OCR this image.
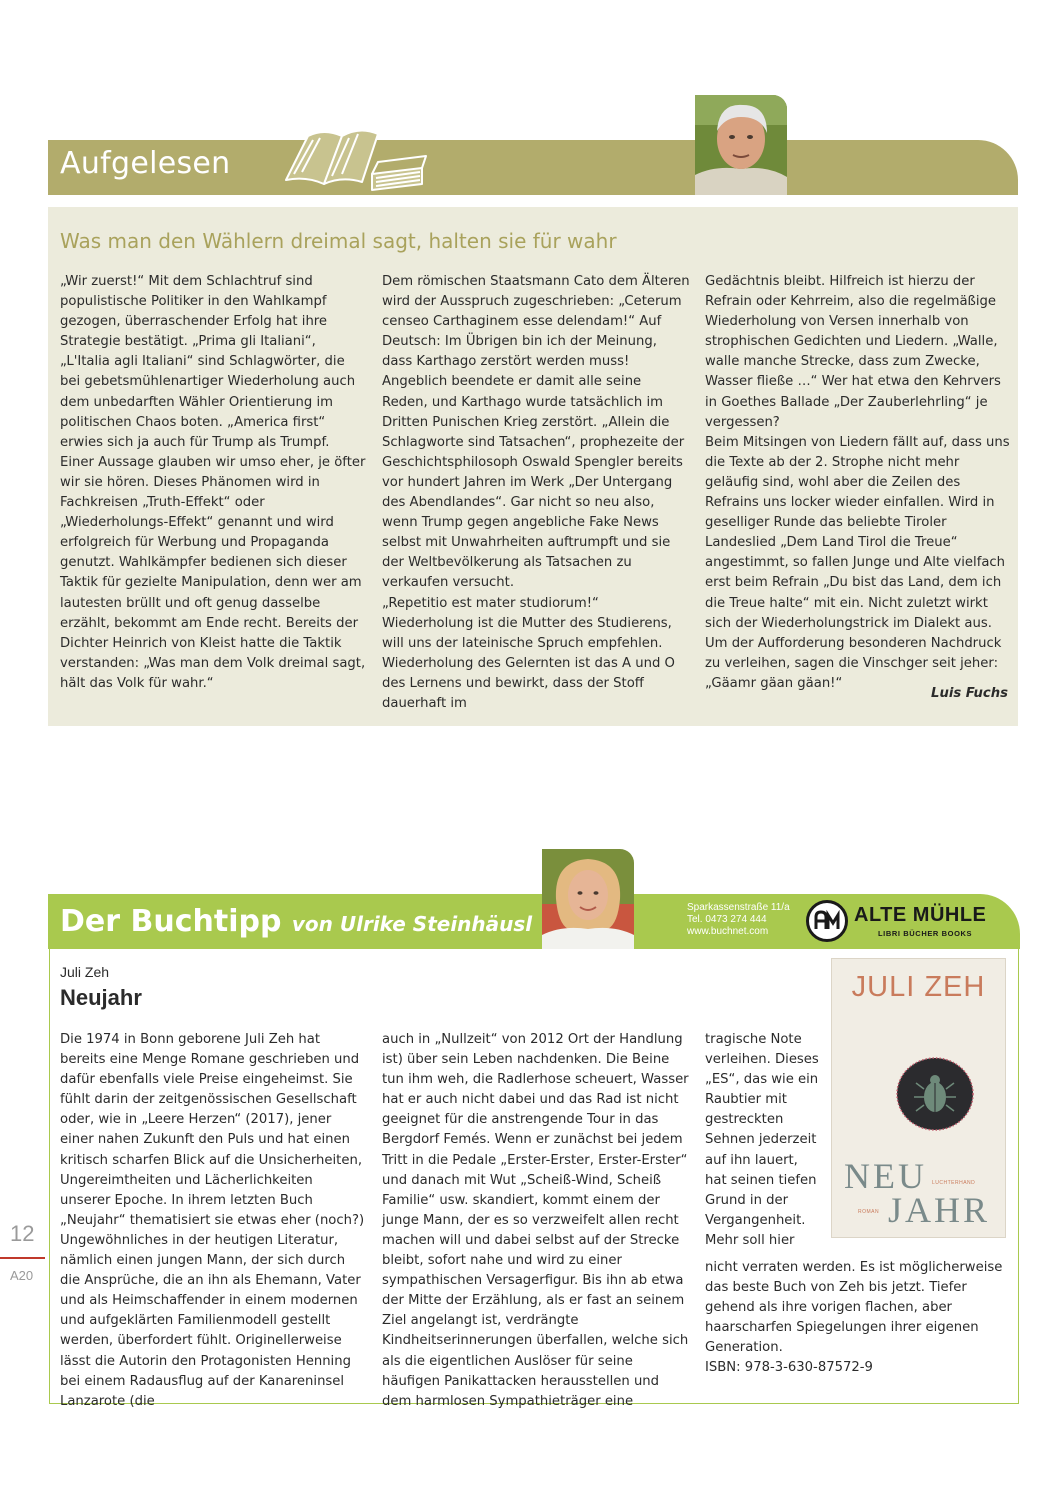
Aufgelesen
Was man den Wählern dreimal sagt, halten sie für wahr

„Wir zuerst!“ Mit dem Schlachtruf sind populistische Politiker in den Wahlkampf gezogen, überraschender Erfolg hat ihre Strategie bestätigt. „Prima gli Italiani“, „L'Italia agli Italiani“ sind Schlagwörter, die bei gebetsmühlenartiger Wiederholung auch dem unbedarften Wähler Orientierung im politischen Chaos boten. „America first“ erwies sich ja auch für Trump als Trumpf.

Einer Aussage glauben wir umso eher, je öfter wir sie hören. Dieses Phänomen wird in Fachkreisen „Truth-Effekt“ oder „Wiederholungs-Effekt“ genannt und wird erfolgreich für Werbung und Propaganda genutzt. Wahlkämpfer bedienen sich dieser Taktik für gezielte Manipulation, denn wer am lautesten brüllt und oft genug dasselbe erzählt, bekommt am Ende recht. Bereits der Dichter Heinrich von Kleist hatte die Taktik verstanden: „Was man dem Volk dreimal sagt, hält das Volk für wahr.“

Dem römischen Staatsmann Cato dem Älteren wird der Ausspruch zugeschrieben: „Ceterum censeo Carthaginem esse delendam!“ Auf Deutsch: Im Übrigen bin ich der Meinung, dass Karthago zerstört werden muss! Angeblich beendete er damit alle seine Reden, und Karthago wurde tatsächlich im Dritten Punischen Krieg zerstört. „Allein die Schlagworte sind Tatsachen“, prophezeite der Geschichtsphilosoph Oswald Spengler bereits vor hundert Jahren im Werk „Der Untergang des Abendlandes“. Gar nicht so neu also, wenn Trump gegen angebliche Fake News selbst mit Unwahrheiten auftrumpft und sie der Weltbevölkerung als Tatsachen zu verkaufen versucht.

„Repetitio est mater studiorum!“ Wiederholung ist die Mutter des Studierens, will uns der lateinische Spruch empfehlen. Wiederholung des Gelernten ist das A und O des Lernens und bewirkt, dass der Stoff dauerhaft im

Gedächtnis bleibt. Hilfreich ist hierzu der Refrain oder Kehrreim, also die regelmäßige Wiederholung von Versen innerhalb von strophischen Gedichten und Liedern. „Walle, walle manche Strecke, dass zum Zwecke, Wasser fließe …“ Wer hat etwa den Kehrvers in Goethes Ballade „Der Zauberlehrling“ je vergessen?

Beim Mitsingen von Liedern fällt auf, dass uns die Texte ab der 2. Strophe nicht mehr geläufig sind, wohl aber die Zeilen des Refrains uns locker wieder einfallen. Wird in geselliger Runde das beliebte Tiroler Landeslied „Dem Land Tirol die Treue“ angestimmt, so fallen Junge und Alte vielfach erst beim Refrain „Du bist das Land, dem ich die Treue halte“ mit ein. Nicht zuletzt wirkt sich der Wiederholungstrick im Dialekt aus. Um der Aufforderung besonderen Nachdruck zu verleihen, sagen die Vinschger seit jeher: „Gäamr gäan gäan!“

Luis Fuchs
Der Buchtipp von Ulrike Steinhäusl
Sparkassenstraße 11/a
Tel. 0473 274 444
www.buchnet.com
ALTE MÜHLE
LIBRI BÜCHER BOOKS
Juli Zeh
Neujahr

Die 1974 in Bonn geborene Juli Zeh hat bereits eine Menge Romane geschrieben und dafür ebenfalls viele Preise eingeheimst. Sie fühlt darin der zeitgenössischen Gesellschaft oder, wie in „Leere Herzen“ (2017), jener einer nahen Zukunft den Puls und hat einen kritisch scharfen Blick auf die Unsicherheiten, Ungereimtheiten und Lächerlichkeiten unserer Epoche. In ihrem letzten Buch „Neujahr“ thematisiert sie etwas eher (noch?) Ungewöhnliches in der heutigen Literatur, nämlich einen jungen Mann, der sich durch die Ansprüche, die an ihn als Ehemann, Vater und als Heimschaffender in einem modernen und aufgeklärten Familienmodell gestellt werden, überfordert fühlt. Originellerweise lässt die Autorin den Protagonisten Henning bei einem Radausflug auf der Kanareninsel Lanzarote (die

auch in „Nullzeit“ von 2012 Ort der Handlung ist) über sein Leben nachdenken. Die Beine tun ihm weh, die Radlerhose scheuert, Wasser hat er auch nicht dabei und das Rad ist nicht geeignet für die anstrengende Tour in das Bergdorf Femés. Wenn er zunächst bei jedem Tritt in die Pedale „Erster-Erster, Erster-Erster“ und danach mit Wut „Scheiß-Wind, Scheiß Familie“ usw. skandiert, kommt einem der junge Mann, der es so verzweifelt allen recht machen will und dabei selbst auf der Strecke bleibt, sofort nahe und wird zu einer sympathischen Versagerfigur. Bis ihn ab etwa der Mitte der Erzählung, als er fast an seinem Ziel angelangt ist, verdrängte Kindheitserinnerungen überfallen, welche sich als die eigentlichen Auslöser für seine häufigen Panikattacken herausstellen und dem harmlosen Sympathieträger eine

tragische Note verleihen. Dieses „ES“, das wie ein Raubtier mit gestreckten Sehnen jederzeit auf ihn lauert, hat seinen tiefen Grund in der Vergangenheit. Mehr soll hier

nicht verraten werden. Es ist möglicherweise das beste Buch von Zeh bis jetzt. Tiefer gehend als ihre vorigen flachen, aber haarscharfen Spiegelungen ihrer eigenen Generation.

ISBN: 978-3-630-87572-9
JULI ZEH
NEU LUCHTERHAND
ROMAN JAHR
12
A20
